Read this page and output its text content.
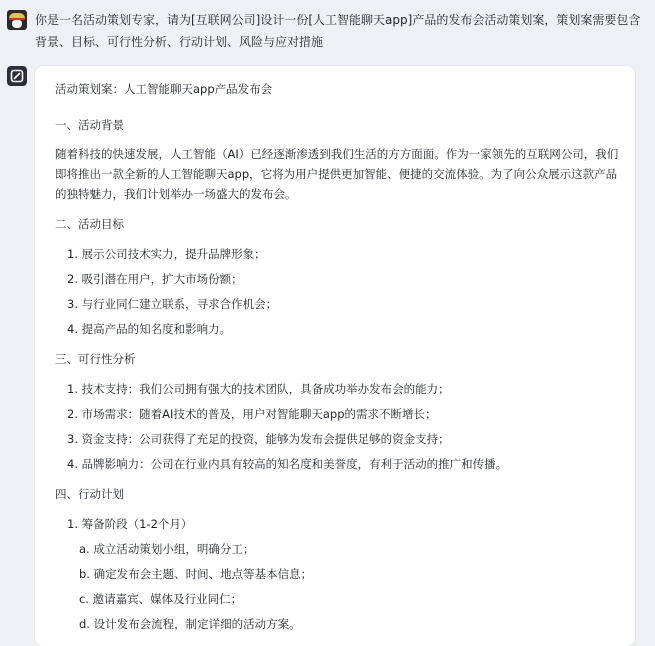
你是一名活动策划专家，请为[互联网公司]设计一份[人工智能聊天app]产品的发布会活动策划案，策划案需要包含背景、目标、可行性分析、行动计划、风险与应对措施
活动策划案：人工智能聊天app产品发布会
一、活动背景
随着科技的快速发展，人工智能（AI）已经逐渐渗透到我们生活的方方面面。作为一家领先的互联网公司，我们即将推出一款全新的人工智能聊天app，它将为用户提供更加智能、便捷的交流体验。为了向公众展示这款产品的独特魅力，我们计划举办一场盛大的发布会。
二、活动目标
1. 展示公司技术实力，提升品牌形象；
2. 吸引潜在用户，扩大市场份额；
3. 与行业同仁建立联系，寻求合作机会；
4. 提高产品的知名度和影响力。
三、可行性分析
1. 技术支持：我们公司拥有强大的技术团队，具备成功举办发布会的能力；
2. 市场需求：随着AI技术的普及，用户对智能聊天app的需求不断增长；
3. 资金支持：公司获得了充足的投资，能够为发布会提供足够的资金支持；
4. 品牌影响力：公司在行业内具有较高的知名度和美誉度，有利于活动的推广和传播。
四、行动计划
1. 筹备阶段（1-2个月）
a. 成立活动策划小组，明确分工；
b. 确定发布会主题、时间、地点等基本信息；
c. 邀请嘉宾、媒体及行业同仁；
d. 设计发布会流程，制定详细的活动方案。
